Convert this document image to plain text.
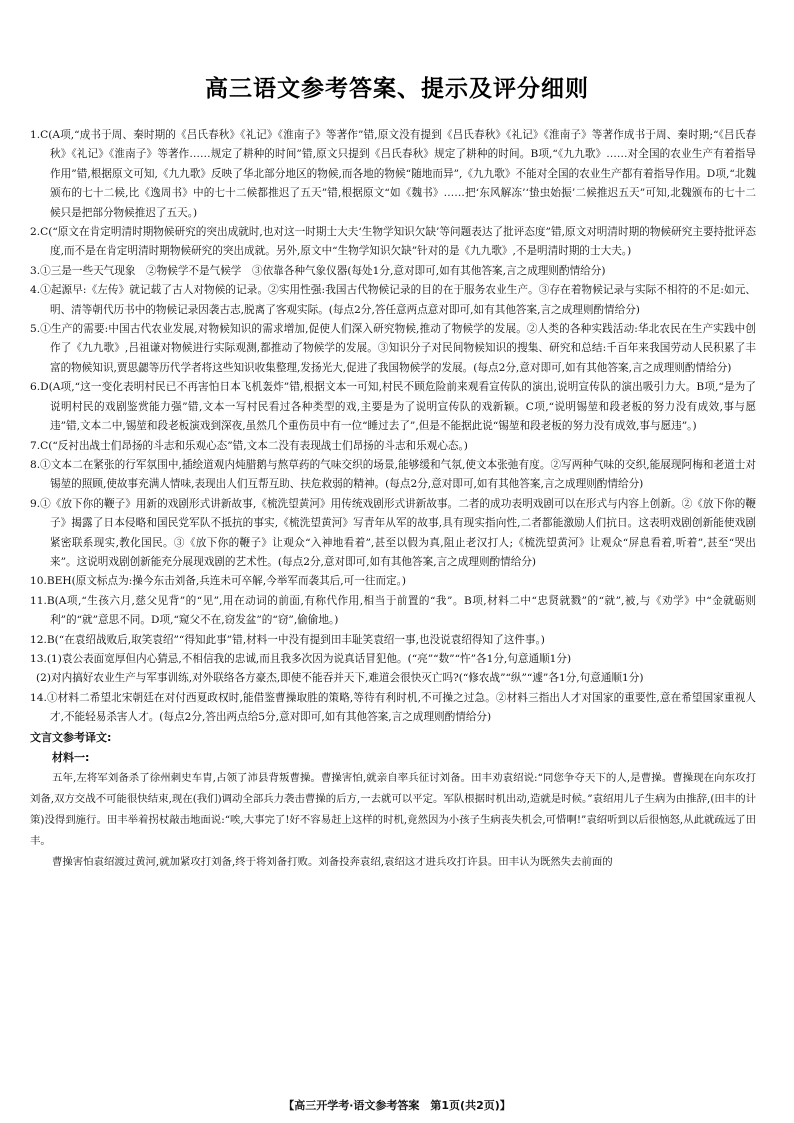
高三语文参考答案、提示及评分细则

1.C(A项,“成书于周、秦时期的《吕氏春秋》《礼记》《淮南子》等著作”错,原文没有提到《吕氏春秋》《礼记》《淮南子》等著作成书于周、秦时期;“《吕氏春秋》《礼记》《淮南子》等著作……规定了耕种的时间”错,原文只提到《吕氏春秋》规定了耕种的时间。B项,“《九九歌》……对全国的农业生产有着指导作用”错,根据原文可知,《九九歌》反映了华北部分地区的物候,而各地的物候“随地而异”,《九九歌》不能对全国的农业生产都有着指导作用。D项,“北魏颁布的七十二候,比《逸周书》中的七十二候都推迟了五天”错,根据原文“如《魏书》……把‘东风解冻’‘蛰虫始振’二候推迟五天”可知,北魏颁布的七十二候只是把部分物候推迟了五天。)

2.C(“原文在肯定明清时期物候研究的突出成就时,也对这一时期士大夫‘生物学知识欠缺’等问题表达了批评态度”错,原文对明清时期的物候研究主要持批评态度,而不是在肯定明清时期物候研究的突出成就。另外,原文中“生物学知识欠缺”针对的是《九九歌》,不是明清时期的士大夫。)

3.①三是一些天气现象　②物候学不是气候学　③依靠各种气象仪器(每处1分,意对即可,如有其他答案,言之成理则酌情给分)

4.①起源早:《左传》就记载了古人对物候的记录。②实用性强:我国古代物候记录的目的在于服务农业生产。③存在着物候记录与实际不相符的不足:如元、明、清等朝代历书中的物候记录因袭古志,脱离了客观实际。(每点2分,答任意两点意对即可,如有其他答案,言之成理则酌情给分)

5.①生产的需要:中国古代农业发展,对物候知识的需求增加,促使人们深入研究物候,推动了物候学的发展。②人类的各种实践活动:华北农民在生产实践中创作了《九九歌》,吕祖谦对物候进行实际观测,都推动了物候学的发展。③知识分子对民间物候知识的搜集、研究和总结:千百年来我国劳动人民积累了丰富的物候知识,贾思勰等历代学者将这些知识收集整理,发扬光大,促进了我国物候学的发展。(每点2分,意对即可,如有其他答案,言之成理则酌情给分)

6.D(A项,“这一变化表明村民已不再害怕日本飞机轰炸”错,根据文本一可知,村民不顾危险前来观看宣传队的演出,说明宣传队的演出吸引力大。B项,“是为了说明村民的戏剧鉴赏能力强”错,文本一写村民看过各种类型的戏,主要是为了说明宣传队的戏新颖。C项,“说明锡堃和段老板的努力没有成效,事与愿违”错,文本二中,锡堃和段老板演戏到深夜,虽然几个重伤员中有一位“睡过去了”,但是不能据此说“锡堃和段老板的努力没有成效,事与愿违”。)

7.C(“反衬出战士们昂扬的斗志和乐观心态”错,文本二没有表现战士们昂扬的斗志和乐观心态。)

8.①文本二在紧张的行军氛围中,插绘道观内炖腊鹅与熬草药的气味交织的场景,能够缓和气氛,使文本张弛有度。②写两种气味的交织,能展现阿梅和老道士对锡堃的照顾,使故事充满人情味,表现出人们互帮互助、扶危救弱的精神。(每点2分,意对即可,如有其他答案,言之成理则酌情给分)

9.①《放下你的鞭子》用新的戏剧形式讲新故事,《梳洗望黄河》用传统戏剧形式讲新故事。二者的成功表明戏剧可以在形式与内容上创新。②《放下你的鞭子》揭露了日本侵略和国民党军队不抵抗的事实,《梳洗望黄河》写青年从军的故事,具有现实指向性,二者都能激励人们抗日。这表明戏剧创新能使戏剧紧密联系现实,教化国民。③《放下你的鞭子》让观众“入神地看着”,甚至以假为真,阻止老汉打人;《梳洗望黄河》让观众“屏息看着,听着”,甚至“哭出来”。这说明戏剧创新能充分展现戏剧的艺术性。(每点2分,意对即可,如有其他答案,言之成理则酌情给分)

10.BEH(原文标点为:操今东击刘备,兵连未可卒解,今举军而袭其后,可一往而定。)

11.B(A项,“生孩六月,慈父见背”的“见”,用在动词的前面,有称代作用,相当于前置的“我”。B项,材料二中“忠贤就戮”的“就”,被,与《劝学》中“金就砺则利”的“就”意思不同。D项,“窥父不在,窃发盆”的“窃”,偷偷地。)

12.B(“在袁绍战败后,取笑袁绍”“得知此事”错,材料一中没有提到田丰耻笑袁绍一事,也没说袁绍得知了这件事。)

13.(1)袁公表面宽厚但内心猜忌,不相信我的忠诚,而且我多次因为说真话冒犯他。(“亮”“数”“忤”各1分,句意通顺1分)

(2)对内搞好农业生产与军事训练,对外联络各方豪杰,即使不能吞并天下,难道会很快灭亡吗?(“修农战”“纵”“遽”各1分,句意通顺1分)

14.①材料二希望北宋朝廷在对付西夏政权时,能借鉴曹操取胜的策略,等待有利时机,不可操之过急。②材料三指出人才对国家的重要性,意在希望国家重视人才,不能轻易杀害人才。(每点2分,答出两点给5分,意对即可,如有其他答案,言之成理则酌情给分)

文言文参考译文:

材料一:

五年,左将军刘备杀了徐州刺史车胄,占领了沛县背叛曹操。曹操害怕,就亲自率兵征讨刘备。田丰劝袁绍说:“同您争夺天下的人,是曹操。曹操现在向东攻打刘备,双方交战不可能很快结束,现在(我们)调动全部兵力袭击曹操的后方,一去就可以平定。军队根据时机出动,造就是时候。”袁绍用儿子生病为由推辞,(田丰的计策)没得到施行。田丰举着拐杖敲击地面说:“唉,大事完了!好不容易赶上这样的时机,竟然因为小孩子生病丧失机会,可惜啊!”袁绍听到以后很恼怒,从此就疏远了田丰。

曹操害怕袁绍渡过黄河,就加紧攻打刘备,终于将刘备打败。刘备投奔袁绍,袁绍这才进兵攻打许县。田丰认为既然失去前面的

【高三开学考·语文参考答案　第1页(共2页)】
